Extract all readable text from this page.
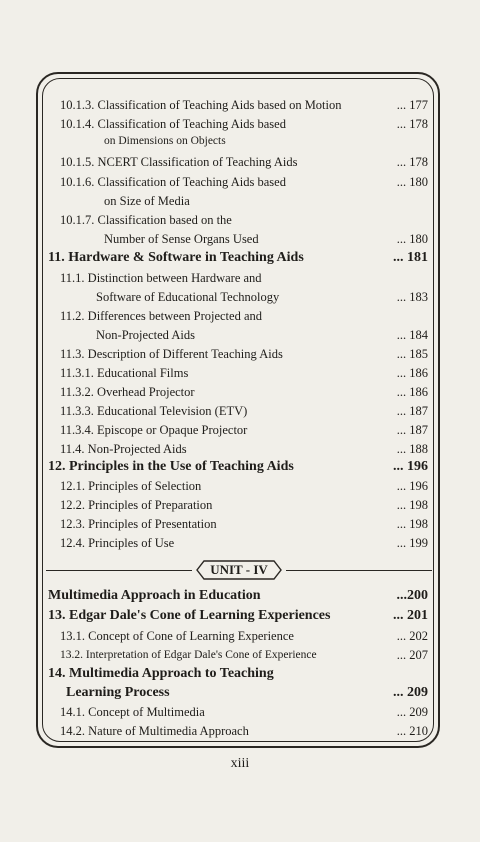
10.1.3. Classification of Teaching Aids based on Motion	... 177
10.1.4. Classification of Teaching Aids based	... 178
on Dimensions on Objects
10.1.5. NCERT Classification of Teaching Aids	... 178
10.1.6. Classification of Teaching Aids based	... 180
on Size of Media
10.1.7. Classification based on the
Number of Sense Organs Used	... 180
11. Hardware & Software in Teaching Aids	... 181
11.1. Distinction between Hardware and
Software of Educational Technology	... 183
11.2. Differences between Projected and
Non-Projected Aids	... 184
11.3. Description of Different Teaching Aids	... 185
11.3.1. Educational Films	... 186
11.3.2. Overhead Projector	... 186
11.3.3. Educational Television (ETV)	... 187
11.3.4. Episcope or Opaque Projector	... 187
11.4. Non-Projected Aids	... 188
12. Principles in the Use of Teaching Aids	... 196
12.1. Principles of Selection	... 196
12.2. Principles of Preparation	... 198
12.3. Principles of Presentation	... 198
12.4. Principles of Use	... 199
UNIT - IV
Multimedia Approach in Education	...200
13. Edgar Dale's Cone of Learning Experiences	... 201
13.1. Concept of Cone of Learning Experience	... 202
13.2. Interpretation of Edgar Dale's Cone of Experience	... 207
14. Multimedia Approach to Teaching
Learning Process	... 209
14.1. Concept of Multimedia	... 209
14.2. Nature of Multimedia Approach	... 210
xiii
